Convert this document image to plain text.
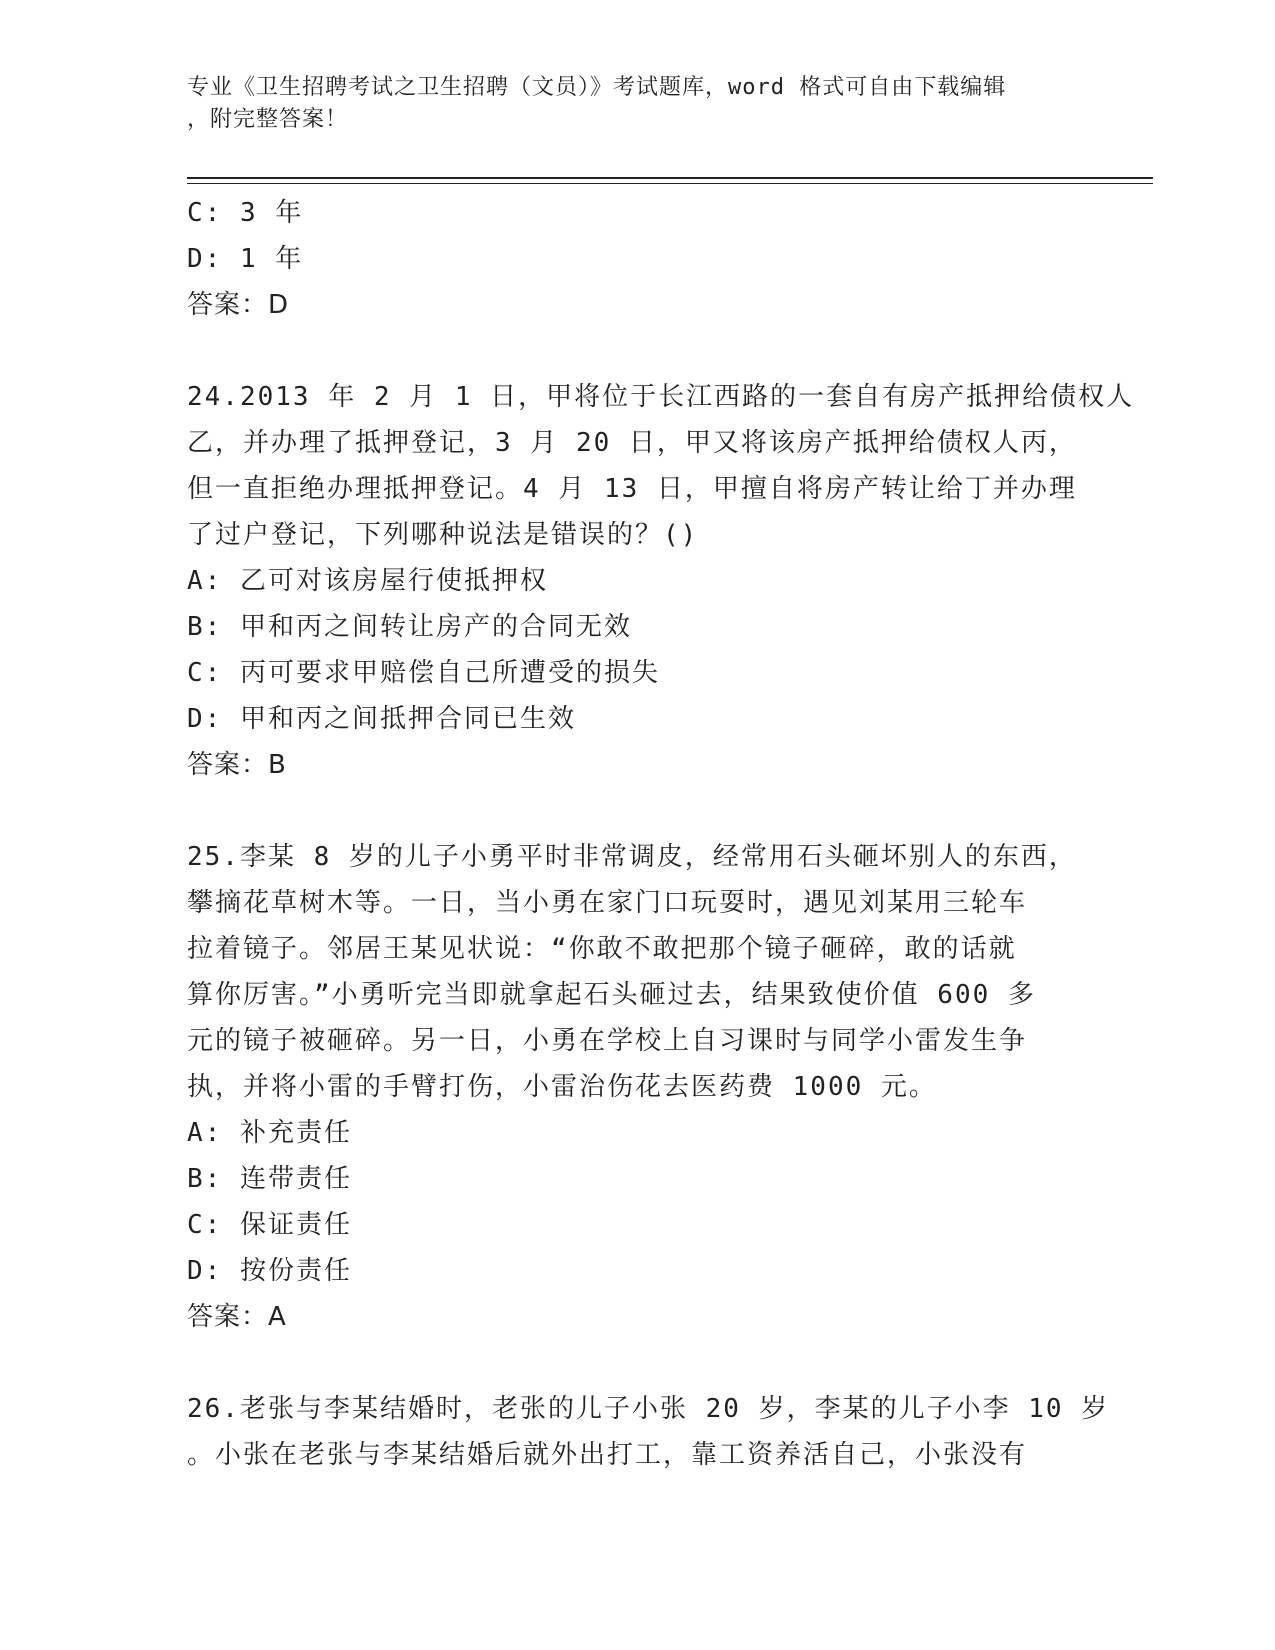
专业《卫生招聘考试之卫生招聘（文员）》考试题库，word 格式可自由下载编辑
，附完整答案！
C: 3 年
D: 1 年
答案：D
24.2013 年 2 月 1 日，甲将位于长江西路的一套自有房产抵押给债权人
乙，并办理了抵押登记，3 月 20 日，甲又将该房产抵押给债权人丙，
但一直拒绝办理抵押登记。4 月 13 日，甲擅自将房产转让给丁并办理
了过户登记，下列哪种说法是错误的？()
A: 乙可对该房屋行使抵押权
B: 甲和丙之间转让房产的合同无效
C: 丙可要求甲赔偿自己所遭受的损失
D: 甲和丙之间抵押合同已生效
答案：B
25.李某 8 岁的儿子小勇平时非常调皮，经常用石头砸坏别人的东西，
攀摘花草树木等。一日，当小勇在家门口玩耍时，遇见刘某用三轮车
拉着镜子。邻居王某见状说：“你敢不敢把那个镜子砸碎，敢的话就
算你厉害。”小勇听完当即就拿起石头砸过去，结果致使价值 600 多
元的镜子被砸碎。另一日，小勇在学校上自习课时与同学小雷发生争
执，并将小雷的手臂打伤，小雷治伤花去医药费 1000 元。
A: 补充责任
B: 连带责任
C: 保证责任
D: 按份责任
答案：A
26.老张与李某结婚时，老张的儿子小张 20 岁，李某的儿子小李 10 岁
。小张在老张与李某结婚后就外出打工，靠工资养活自己，小张没有
